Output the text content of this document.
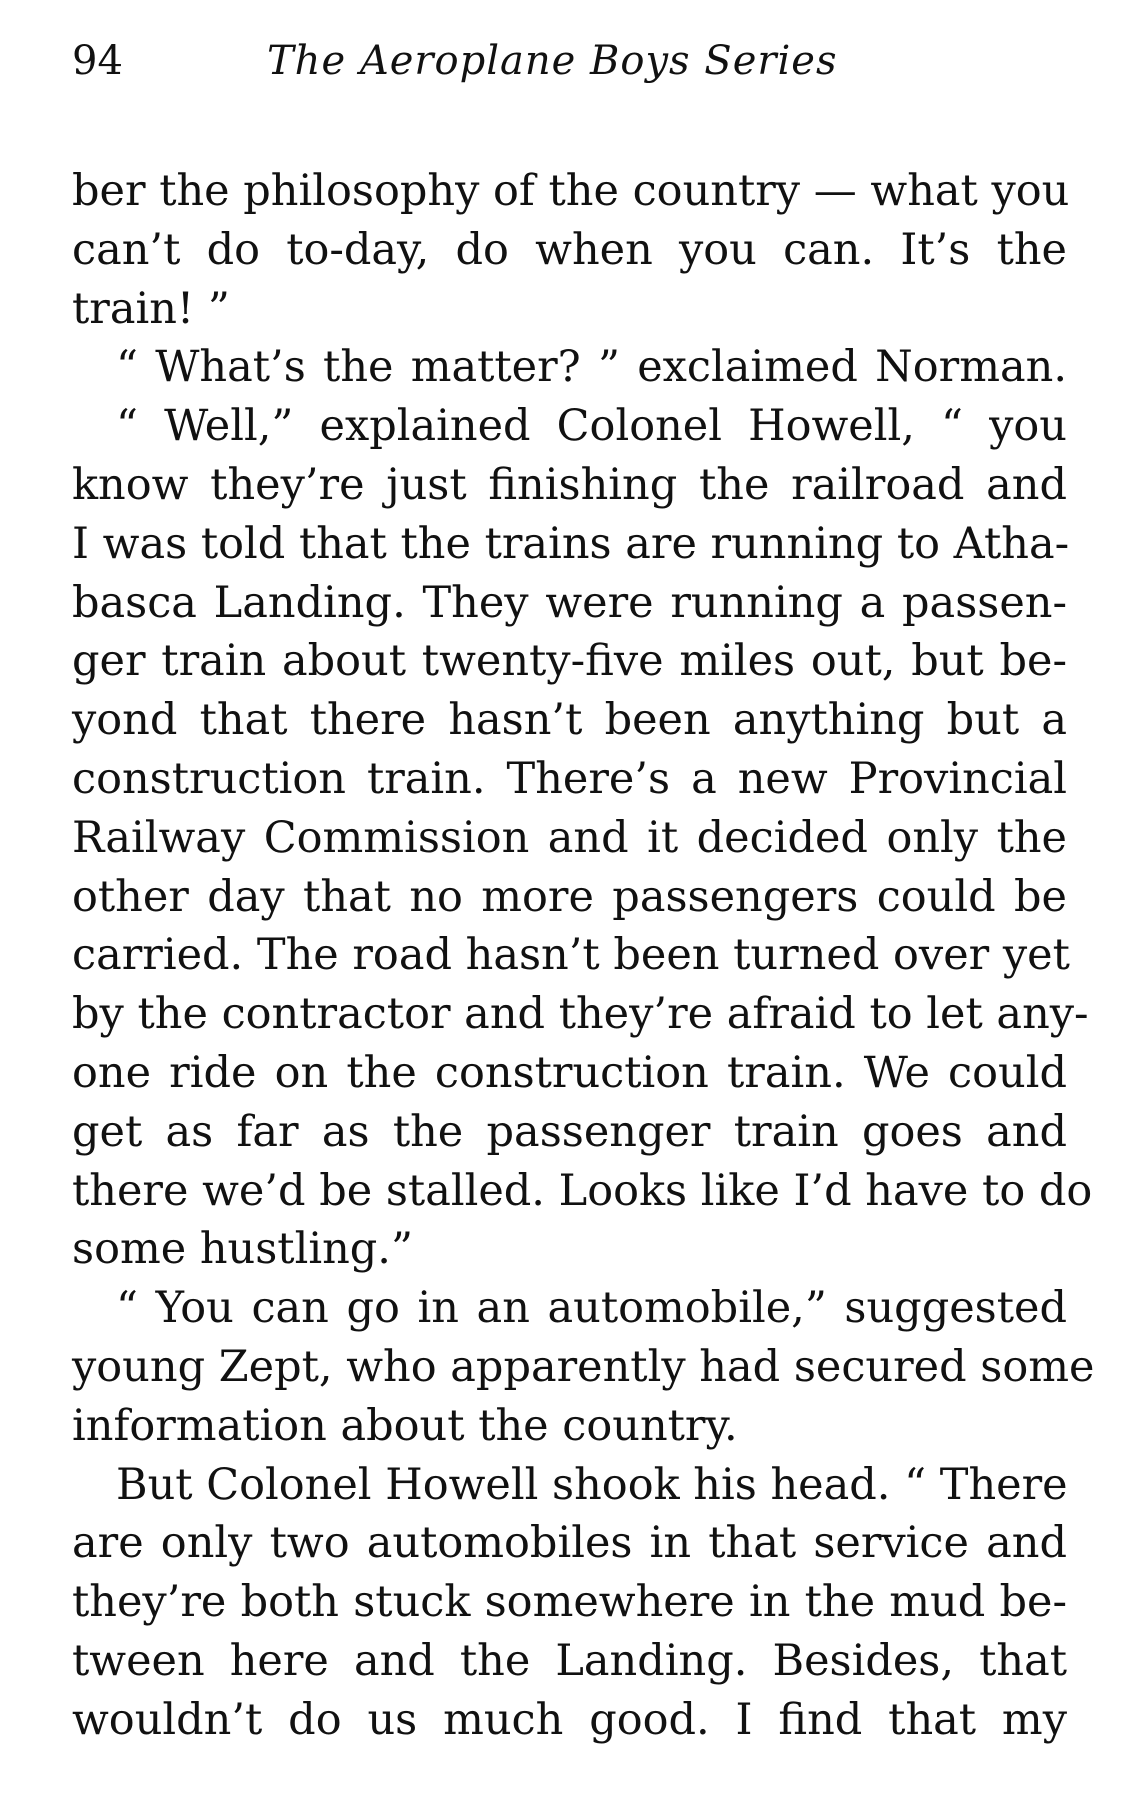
94	The Aeroplane Boys Series
ber the philosophy of the country — what you
can’t do to-day, do when you can. It’s the
train! ”
“ What’s the matter? ” exclaimed Norman.
“ Well,” explained Colonel Howell, “ you
know they’re just finishing the railroad and
I was told that the trains are running to Atha-
basca Landing. They were running a passen-
ger train about twenty-five miles out, but be-
yond that there hasn’t been anything but a
construction train. There’s a new Provincial
Railway Commission and it decided only the
other day that no more passengers could be
carried. The road hasn’t been turned over yet
by the contractor and they’re afraid to let any-
one ride on the construction train. We could
get as far as the passenger train goes and
there we’d be stalled. Looks like I’d have to do
some hustling.”
“ You can go in an automobile,” suggested
young Zept, who apparently had secured some
information about the country.
But Colonel Howell shook his head. “ There
are only two automobiles in that service and
they’re both stuck somewhere in the mud be-
tween here and the Landing. Besides, that
wouldn’t do us much good. I find that my
